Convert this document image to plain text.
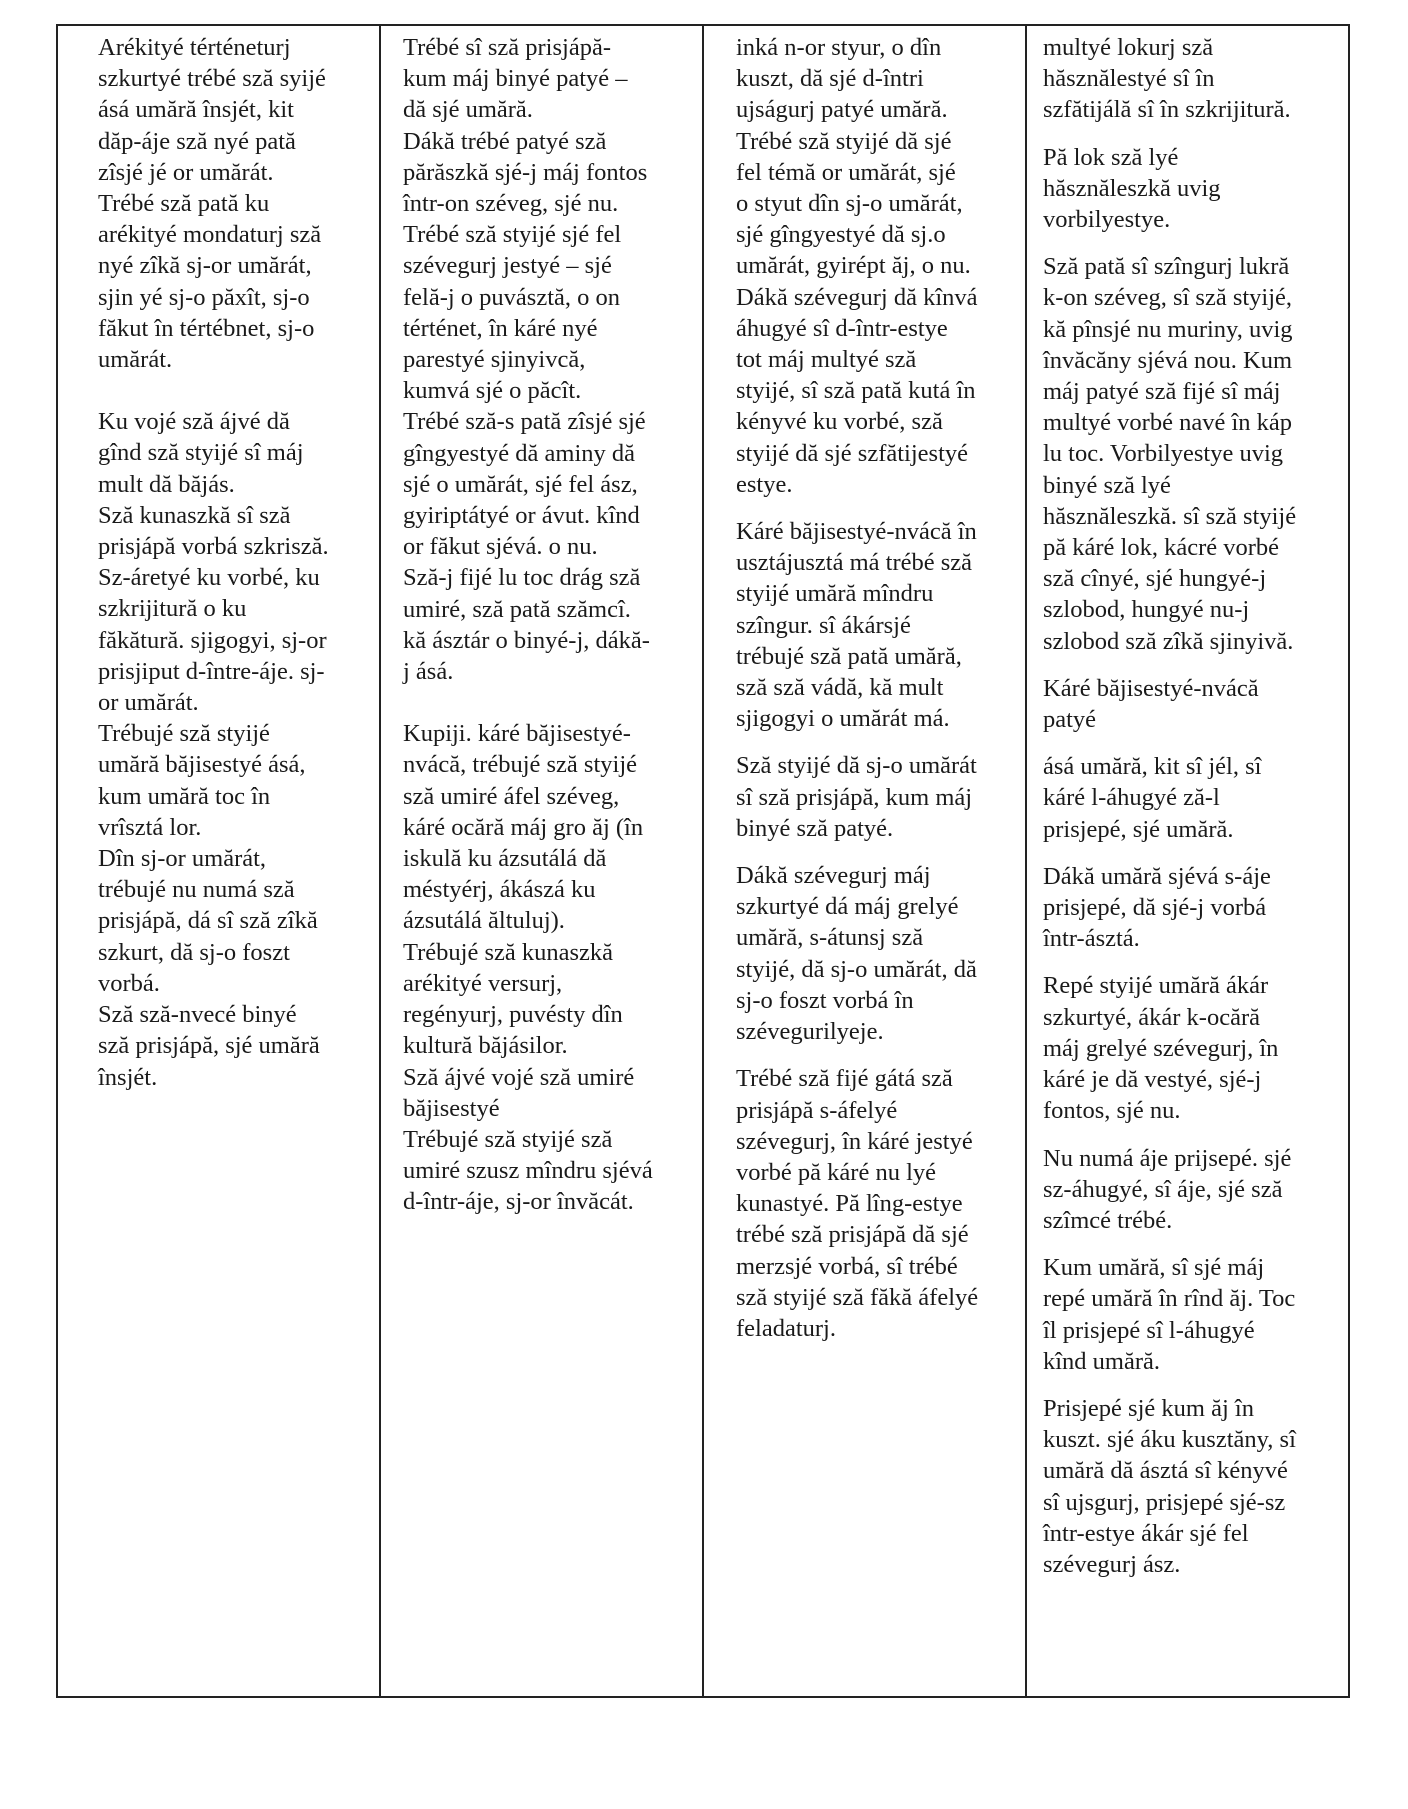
Arékityé térténeturj
szkurtyé trébé sză syijé
ásá umără însjét, kit
dăp-áje sză nyé pată
zîsjé jé or umărát.
Trébé sză pată ku
arékityé mondaturj sză
nyé zîkă sj-or umărát,
sjin yé sj-o păxît, sj-o
făkut în tértébnet, sj-o
umărát.

Ku vojé sză ájvé dă
gînd sză styijé sî máj
mult dă băjás.
Sză kunaszkă sî sză
prisjápă vorbá szkrisză.
Sz-áretyé ku vorbé, ku
szkrijitură o ku
făkătură. sjigogyi, sj-or
prisjiput d-între-áje. sj-
or umărát.
Trébujé sză styijé
umără băjisestyé ásá,
kum umără toc în
vrîsztá lor.
Dîn sj-or umărát,
trébujé nu numá sză
prisjápă, dá sî sză zîkă
szkurt, dă sj-o foszt
vorbá.
Sză sză-nvecé binyé
sză prisjápă, sjé umără
însjét.

Trébé sî sză prisjápă-
kum máj binyé patyé –
dă sjé umără.
Dákă trébé patyé sză
părăszkă sjé-j máj fontos
într-on széveg, sjé nu.
Trébé sză styijé sjé fel
szévegurj jestyé – sjé
felă-j o puvásztă, o on
térténet, în káré nyé
parestyé sjinyivcă,
kumvá sjé o păcît.
Trébé sză-s pată zîsjé sjé
gîngyestyé dă aminy dă
sjé o umărát, sjé fel ász,
gyiriptátyé or ávut. kînd
or făkut sjévá. o nu.
Sză-j fijé lu toc drág sză
umiré, sză pată szămcî.
kă ásztár o binyé-j, dákă-
j ásá.

Kupiji. káré băjisestyé-
nvácă, trébujé sză styijé
sză umiré áfel széveg,
káré ocără máj gro ăj (în
iskulă ku ázsutálá dă
méstyérj, ákászá ku
ázsutálá ăltuluj).
Trébujé sză kunaszkă
arékityé versurj,
regényurj, puvésty dîn
kultură băjásilor.
Sză ájvé vojé sză umiré
băjisestyé
Trébujé sză styijé sză
umiré szusz mîndru sjévá
d-într-áje, sj-or învăcát.

inká n-or styur, o dîn
kuszt, dă sjé d-întri
ujságurj patyé umără.
Trébé sză styijé dă sjé
fel témă or umărát, sjé
o styut dîn sj-o umărát,
sjé gîngyestyé dă sj.o
umărát, gyirépt ăj, o nu.
Dákă szévegurj dă kînvá
áhugyé sî d-într-estye
tot máj multyé sză
styijé, sî sză pată kutá în
kényvé ku vorbé, sză
styijé dă sjé szfătijestyé
estye.

Káré băjisestyé-nvácă în
usztájusztá má trébé sză
styijé umără mîndru
szîngur. sî ákársjé
trébujé sză pată umără,
sză sză vádă, kă mult
sjigogyi o umărát má.

Sză styijé dă sj-o umărát
sî sză prisjápă, kum máj
binyé sză patyé.

Dákă szévegurj máj
szkurtyé dá máj grelyé
umără, s-átunsj sză
styijé, dă sj-o umărát, dă
sj-o foszt vorbá în
szévegurilyeje.

Trébé sză fijé gátá sză
prisjápă s-áfelyé
szévegurj, în káré jestyé
vorbé pă káré nu lyé
kunastyé. Pă lîng-estye
trébé sză prisjápă dă sjé
merzsjé vorbá, sî trébé
sză styijé sză făkă áfelyé
feladaturj.

multyé lokurj sză
hăsznălestyé sî în
szfătijálă sî în szkrijitură.

Pă lok sză lyé
hăsznăleszkă uvig
vorbilyestye.

Sză pată sî szîngurj lukră
k-on széveg, sî sză styijé,
kă pînsjé nu muriny, uvig
învăcăny sjévá nou. Kum
máj patyé sză fijé sî máj
multyé vorbé navé în káp
lu toc. Vorbilyestye uvig
binyé sză lyé
hăsznăleszkă. sî sză styijé
pă káré lok, kácré vorbé
sză cînyé, sjé hungyé-j
szlobod, hungyé nu-j
szlobod sză zîkă sjinyivă.

Káré băjisestyé-nvácă
patyé

ásá umără, kit sî jél, sî
káré l-áhugyé ză-l
prisjepé, sjé umără.

Dákă umără sjévá s-áje
prisjepé, dă sjé-j vorbá
într-ásztá.

Repé styijé umără ákár
szkurtyé, ákár k-ocără
máj grelyé szévegurj, în
káré je dă vestyé, sjé-j
fontos, sjé nu.

Nu numá áje prijsepé. sjé
sz-áhugyé, sî áje, sjé sză
szîmcé trébé.

Kum umără, sî sjé máj
repé umără în rînd ăj. Toc
îl prisjepé sî l-áhugyé
kînd umără.

Prisjepé sjé kum ăj în
kuszt. sjé áku kusztăny, sî
umără dă ásztá sî kényvé
sî ujsgurj, prisjepé sjé-sz
într-estye ákár sjé fel
szévegurj ász.
